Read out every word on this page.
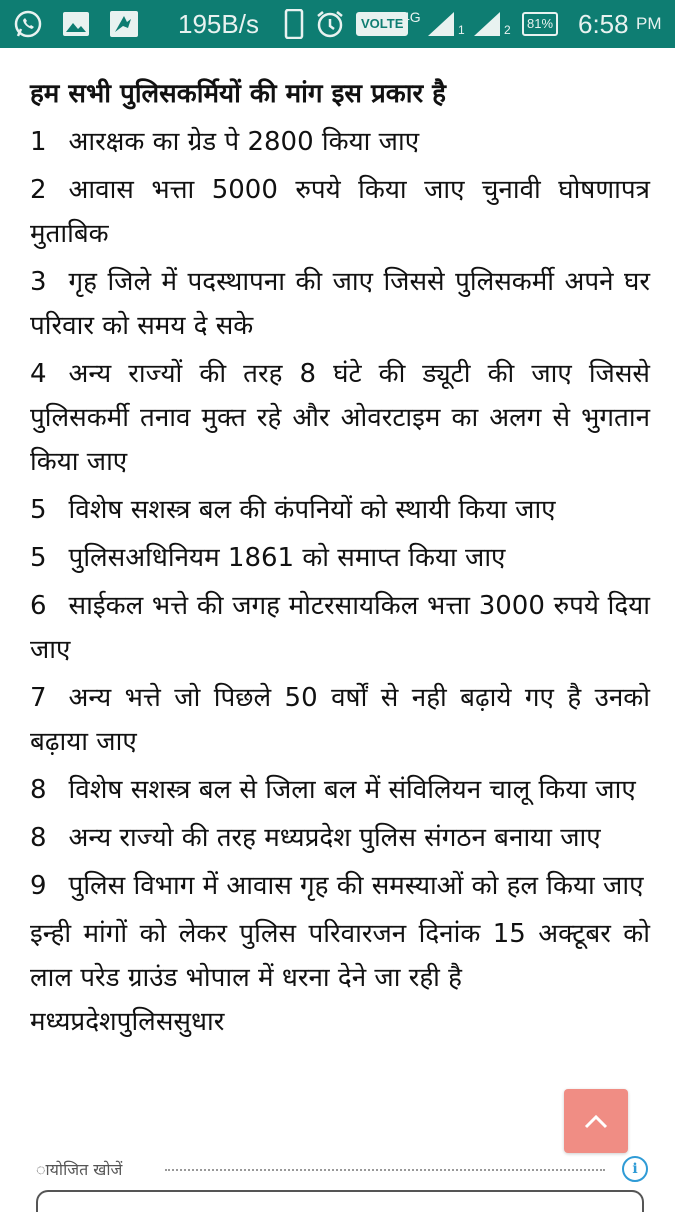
195B/s	VOLTE
4G
1	2	81% 6:58 PM
हम सभी पुलिसकर्मियों की मांग इस प्रकार है
1 आरक्षक का ग्रेड पे 2800 किया जाए
2 आवास भत्ता 5000 रुपये किया जाए चुनावी घोषणापत्र मुताबिक
3 गृह जिले में पदस्थापना की जाए जिससे पुलिसकर्मी अपने घर परिवार को समय दे सके
4 अन्य राज्यों की तरह 8 घंटे की ड्यूटी की जाए जिससे पुलिसकर्मी तनाव मुक्त रहे और ओवरटाइम का अलग से भुगतान किया जाए
5 विशेष सशस्त्र बल की कंपनियों को स्थायी किया जाए
5 पुलिसअधिनियम 1861 को समाप्त किया जाए
6 साईकल भत्ते की जगह मोटरसायकिल भत्ता 3000 रुपये दिया जाए
7 अन्य भत्ते जो पिछले 50 वर्षों से नही बढ़ाये गए है उनको बढ़ाया जाए
8 विशेष सशस्त्र बल से जिला बल में संविलियन चालू किया जाए
8 अन्य राज्यो की तरह मध्यप्रदेश पुलिस संगठन बनाया जाए
9 पुलिस विभाग में आवास गृह की समस्याओं को हल किया जाए
इन्ही मांगों को लेकर पुलिस परिवारजन दिनांक 15 अक्टूबर को लाल परेड ग्राउंड भोपाल में धरना देने जा रही है
मध्यप्रदेशपुलिससुधार
ायोजित खोजें	i
